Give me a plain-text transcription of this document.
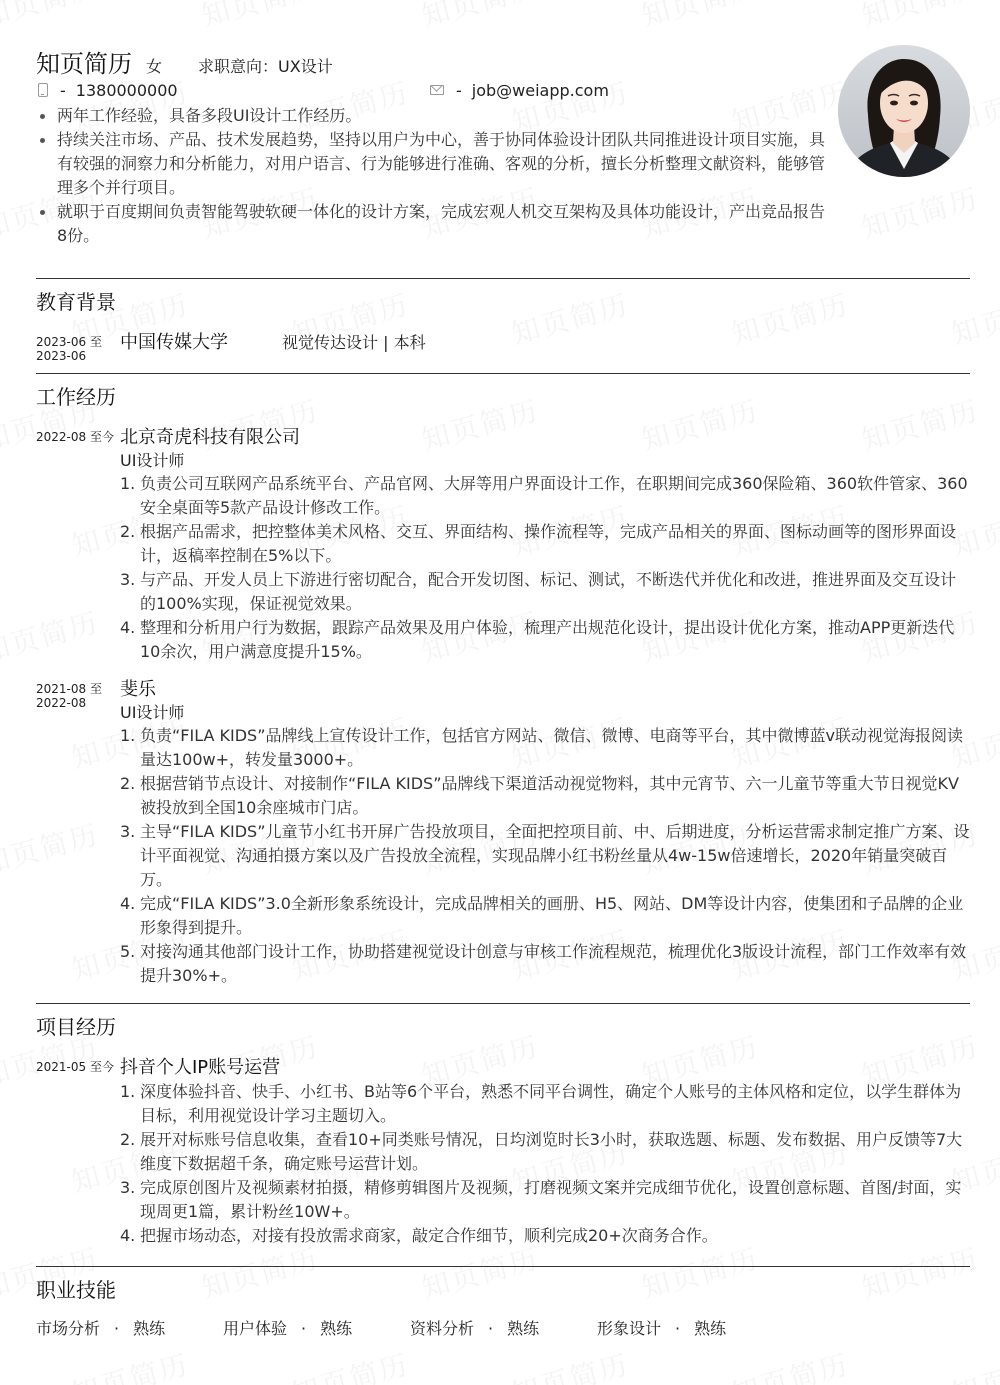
知页简历 女 求职意向：UX设计
- 1380000000	- job@weiapp.com
两年工作经验，具备多段UI设计工作经历。
持续关注市场、产品、技术发展趋势，坚持以用户为中心，善于协同体验设计团队共同推进设计项目实施，具有较强的洞察力和分析能力，对用户语言、行为能够进行准确、客观的分析，擅长分析整理文献资料，能够管理多个并行项目。
就职于百度期间负责智能驾驶软硬一体化的设计方案，完成宏观人机交互架构及具体功能设计，产出竞品报告8份。
教育背景
2023-06 至
2023-06
中国传媒大学	视觉传达设计 | 本科
工作经历
2022-08 至今 北京奇虎科技有限公司
UI设计师
1. 负责公司互联网产品系统平台、产品官网、大屏等用户界面设计工作，在职期间完成360保险箱、360软件管家、360安全桌面等5款产品设计修改工作。
2. 根据产品需求，把控整体美术风格、交互、界面结构、操作流程等，完成产品相关的界面、图标动画等的图形界面设计，返稿率控制在5%以下。
3. 与产品、开发人员上下游进行密切配合，配合开发切图、标记、测试，不断迭代并优化和改进，推进界面及交互设计的100%实现，保证视觉效果。
4. 整理和分析用户行为数据，跟踪产品效果及用户体验，梳理产出规范化设计，提出设计优化方案，推动APP更新迭代10余次，用户满意度提升15%。
2021-08 至
2022-08
斐乐
UI设计师
1. 负责“FILA KIDS”品牌线上宣传设计工作，包括官方网站、微信、微博、电商等平台，其中微博蓝v联动视觉海报阅读量达100w+，转发量3000+。
2. 根据营销节点设计、对接制作“FILA KIDS”品牌线下渠道活动视觉物料，其中元宵节、六一儿童节等重大节日视觉KV被投放到全国10余座城市门店。
3. 主导“FILA KIDS”儿童节小红书开屏广告投放项目，全面把控项目前、中、后期进度，分析运营需求制定推广方案、设计平面视觉、沟通拍摄方案以及广告投放全流程，实现品牌小红书粉丝量从4w-15w倍速增长，2020年销量突破百万。
4. 完成“FILA KIDS”3.0全新形象系统设计，完成品牌相关的画册、H5、网站、DM等设计内容，使集团和子品牌的企业形象得到提升。
5. 对接沟通其他部门设计工作，协助搭建视觉设计创意与审核工作流程规范，梳理优化3版设计流程，部门工作效率有效提升30%+。
项目经历
2021-05 至今 抖音个人IP账号运营
1. 深度体验抖音、快手、小红书、B站等6个平台，熟悉不同平台调性，确定个人账号的主体风格和定位，以学生群体为目标，利用视觉设计学习主题切入。
2. 展开对标账号信息收集，查看10+同类账号情况，日均浏览时长3小时，获取选题、标题、发布数据、用户反馈等7大维度下数据超千条，确定账号运营计划。
3. 完成原创图片及视频素材拍摄，精修剪辑图片及视频，打磨视频文案并完成细节优化，设置创意标题、首图/封面，实现周更1篇，累计粉丝10W+。
4. 把握市场动态，对接有投放需求商家，敲定合作细节，顺利完成20+次商务合作。
职业技能
市场分析 · 熟练	用户体验 · 熟练	资料分析 · 熟练	形象设计 · 熟练
